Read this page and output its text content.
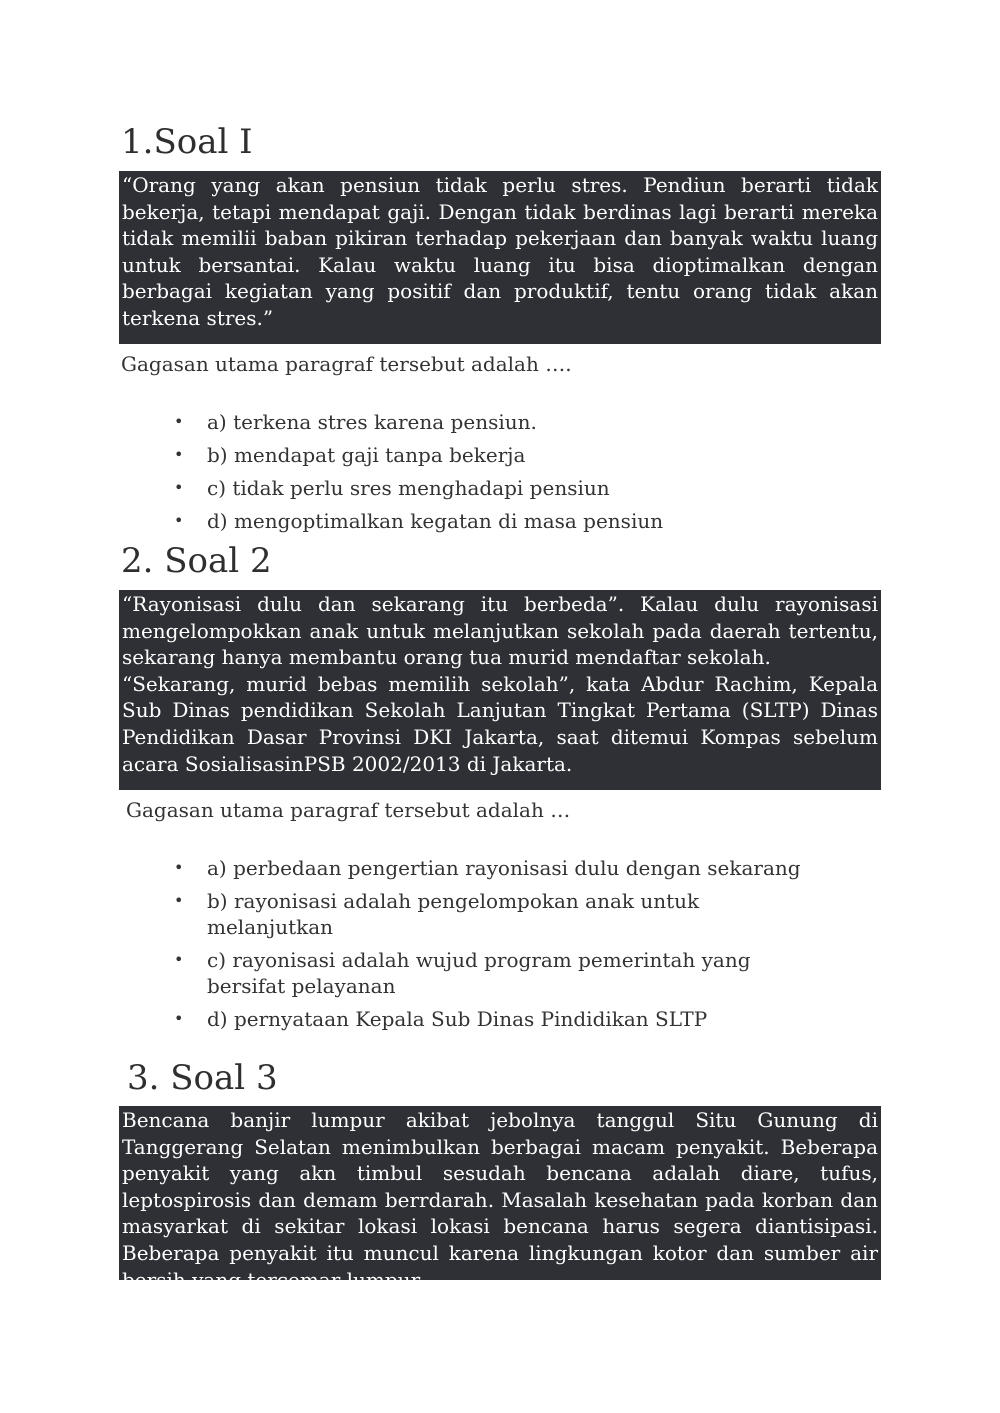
1.Soal I

“Orang yang akan pensiun tidak perlu stres. Pendiun berarti tidak bekerja, tetapi mendapat gaji. Dengan tidak berdinas lagi berarti mereka tidak memilii baban pikiran terhadap pekerjaan dan banyak waktu luang untuk bersantai. Kalau waktu luang itu bisa dioptimalkan dengan berbagai kegiatan yang positif dan produktif, tentu orang tidak akan terkena stres.”

Gagasan utama paragraf tersebut adalah ….

• a) terkena stres karena pensiun.
• b) mendapat gaji tanpa bekerja
• c) tidak perlu sres menghadapi pensiun
• d) mengoptimalkan kegatan di masa pensiun
2. Soal 2

“Rayonisasi dulu dan sekarang itu berbeda”. Kalau dulu rayonisasi mengelompokkan anak untuk melanjutkan sekolah pada daerah tertentu, sekarang hanya membantu orang tua murid mendaftar sekolah.

“Sekarang, murid bebas memilih sekolah”, kata Abdur Rachim, Kepala Sub Dinas pendidikan Sekolah Lanjutan Tingkat Pertama (SLTP) Dinas Pendidikan Dasar Provinsi DKI Jakarta, saat ditemui Kompas sebelum acara SosialisasinPSB 2002/2013 di Jakarta.

Gagasan utama paragraf tersebut adalah …

• a) perbedaan pengertian rayonisasi dulu dengan sekarang
• b) rayonisasi adalah pengelompokan anak untuk melanjutkan
• c) rayonisasi adalah wujud program pemerintah yang bersifat pelayanan
• d) pernyataan Kepala Sub Dinas Pindidikan SLTP
3. Soal 3

Bencana banjir lumpur akibat jebolnya tanggul Situ Gunung di Tanggerang Selatan menimbulkan berbagai macam penyakit. Beberapa penyakit yang akn timbul sesudah bencana adalah diare, tufus, leptospirosis dan demam berrdarah. Masalah kesehatan pada korban dan masyarkat di sekitar lokasi lokasi bencana harus segera diantisipasi. Beberapa penyakit itu muncul karena lingkungan kotor dan sumber air bersih yang tercemar lumpur.
